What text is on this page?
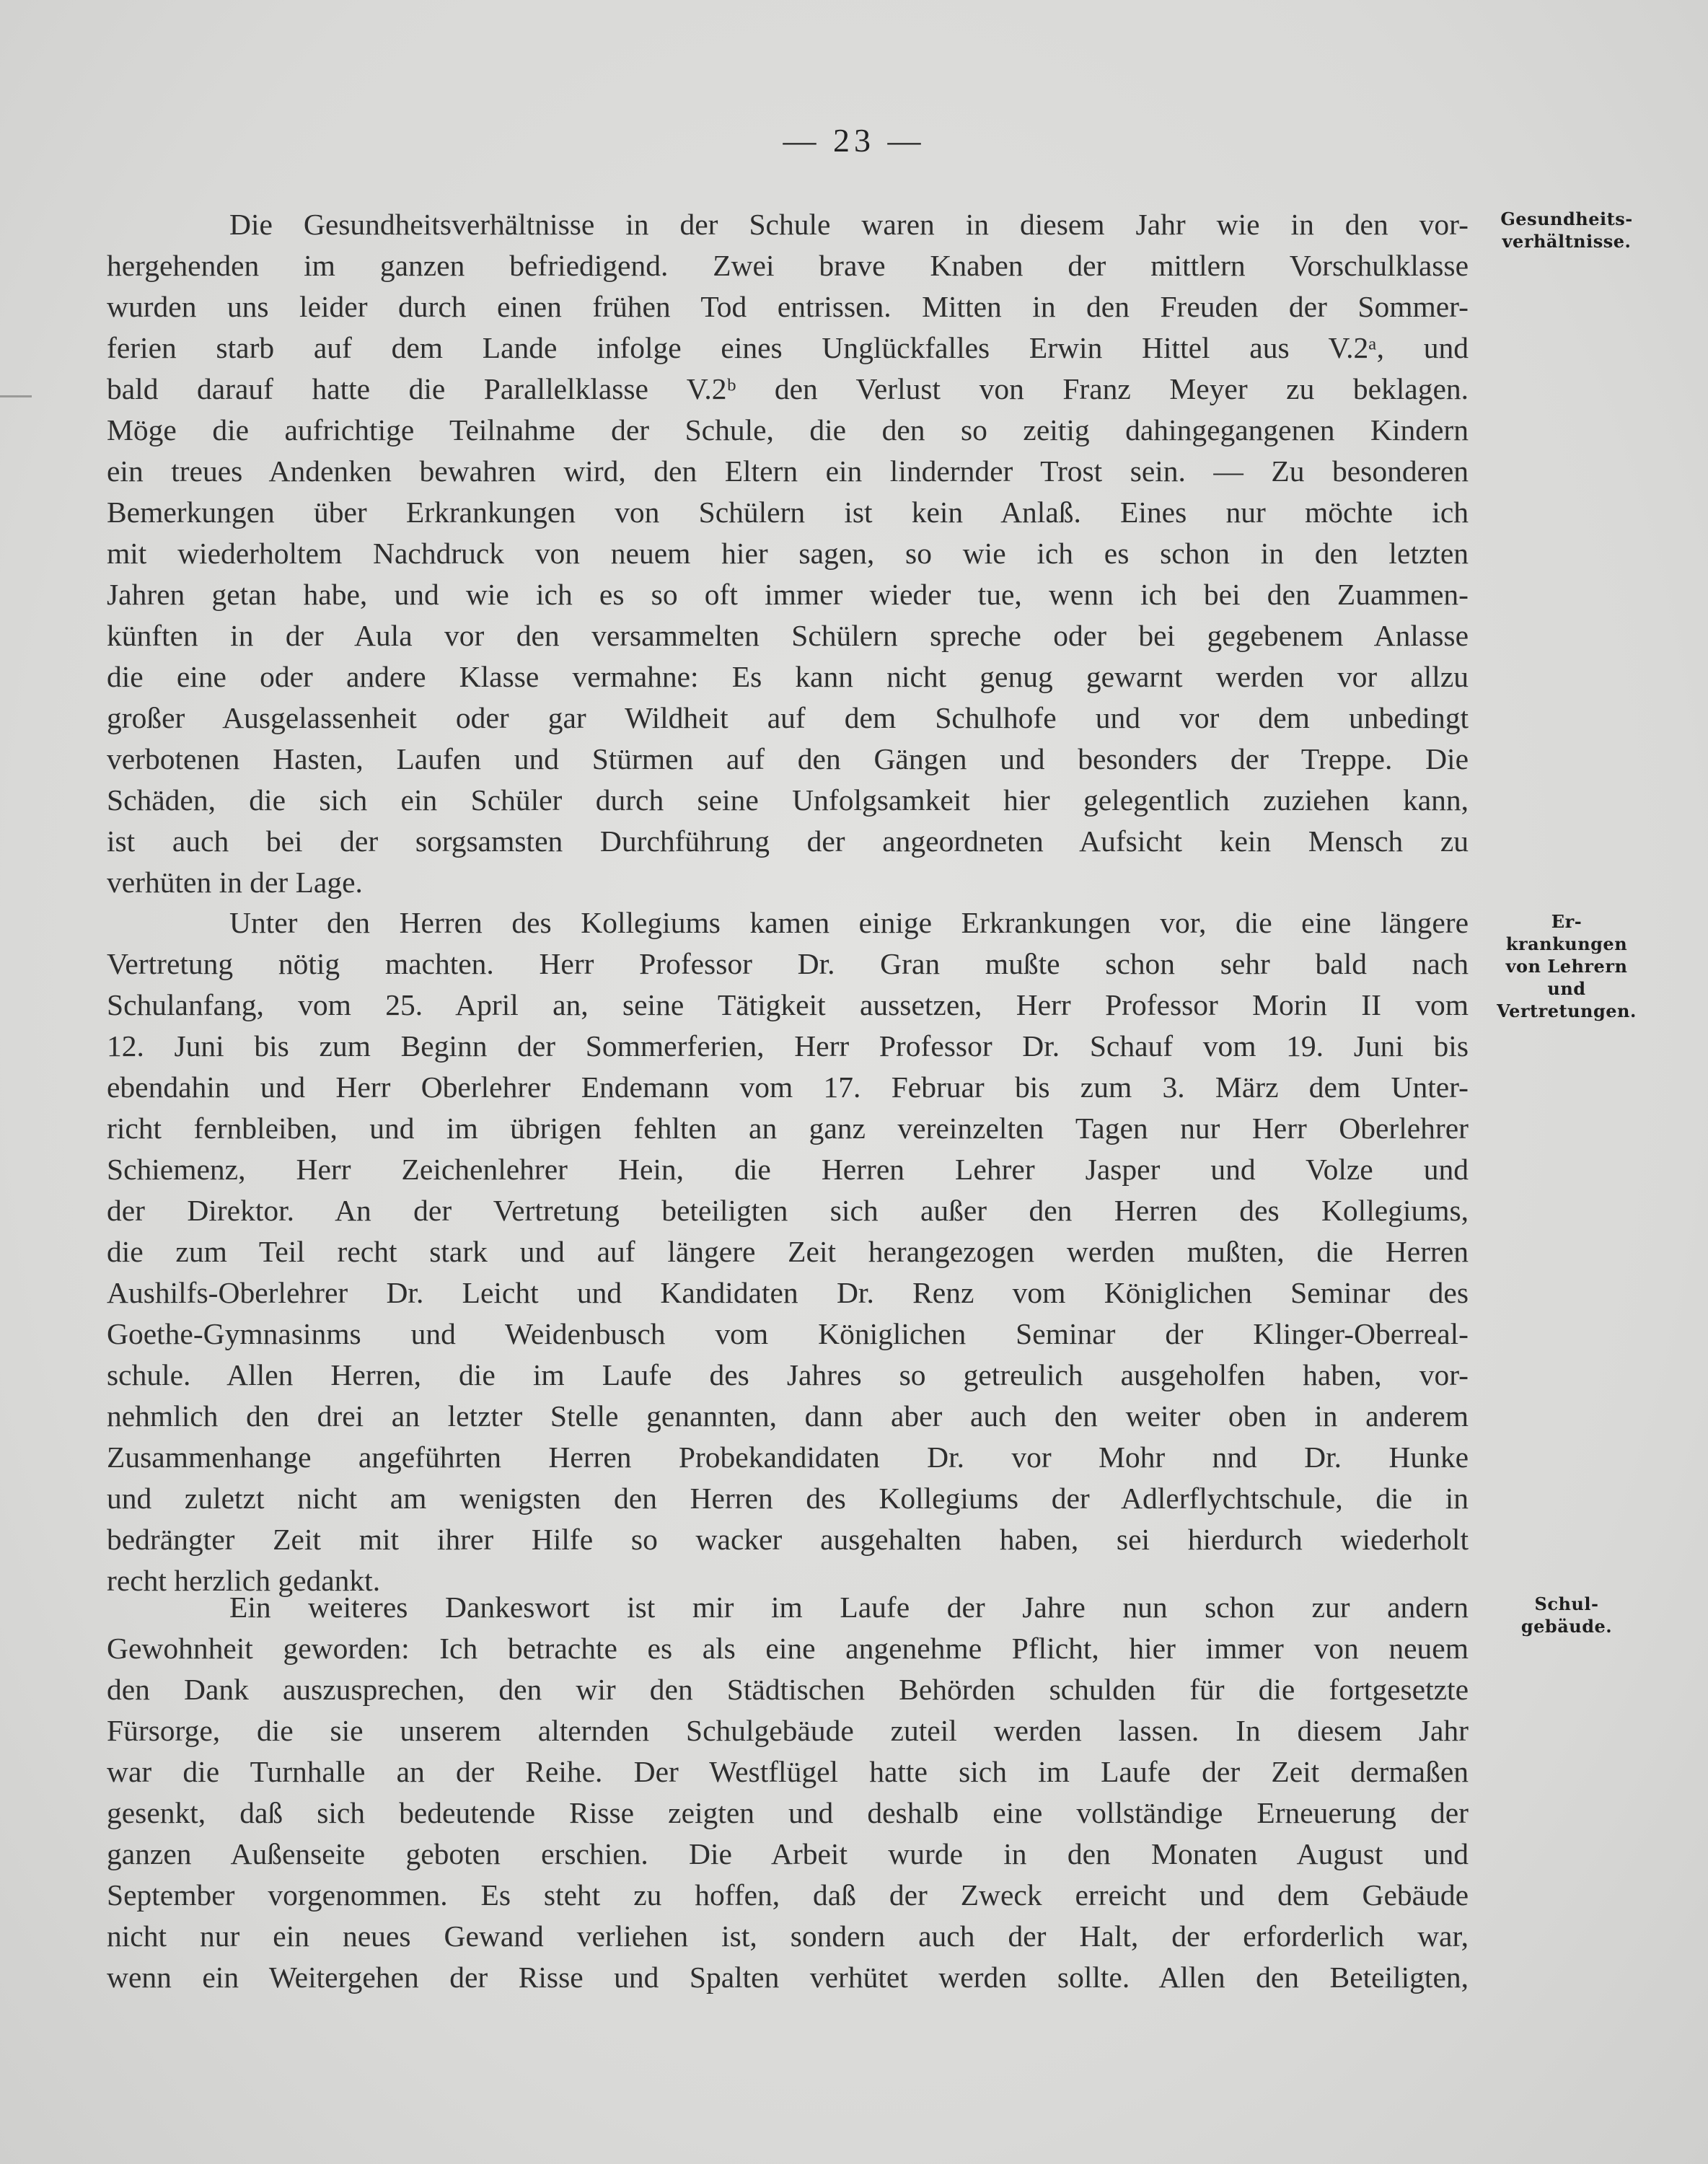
— 23 —
Die Gesundheitsverhältnisse in der Schule waren in diesem Jahr wie in den vor-
hergehenden im ganzen befriedigend. Zwei brave Knaben der mittlern Vorschulklasse
wurden uns leider durch einen frühen Tod entrissen. Mitten in den Freuden der Sommer-
ferien starb auf dem Lande infolge eines Unglückfalles Erwin Hittel aus V.2ᵃ, und
bald darauf hatte die Parallelklasse V.2ᵇ den Verlust von Franz Meyer zu beklagen.
Möge die aufrichtige Teilnahme der Schule, die den so zeitig dahingegangenen Kindern
ein treues Andenken bewahren wird, den Eltern ein lindernder Trost sein. — Zu besonderen
Bemerkungen über Erkrankungen von Schülern ist kein Anlaß. Eines nur möchte ich
mit wiederholtem Nachdruck von neuem hier sagen, so wie ich es schon in den letzten
Jahren getan habe, und wie ich es so oft immer wieder tue, wenn ich bei den Zuammen-
künften in der Aula vor den versammelten Schülern spreche oder bei gegebenem Anlasse
die eine oder andere Klasse vermahne: Es kann nicht genug gewarnt werden vor allzu
großer Ausgelassenheit oder gar Wildheit auf dem Schulhofe und vor dem unbedingt
verbotenen Hasten, Laufen und Stürmen auf den Gängen und besonders der Treppe. Die
Schäden, die sich ein Schüler durch seine Unfolgsamkeit hier gelegentlich zuziehen kann,
ist auch bei der sorgsamsten Durchführung der angeordneten Aufsicht kein Mensch zu
verhüten in der Lage.
Unter den Herren des Kollegiums kamen einige Erkrankungen vor, die eine längere
Vertretung nötig machten. Herr Professor Dr. Gran mußte schon sehr bald nach
Schulanfang, vom 25. April an, seine Tätigkeit aussetzen, Herr Professor Morin II vom
12. Juni bis zum Beginn der Sommerferien, Herr Professor Dr. Schauf vom 19. Juni bis
ebendahin und Herr Oberlehrer Endemann vom 17. Februar bis zum 3. März dem Unter-
richt fernbleiben, und im übrigen fehlten an ganz vereinzelten Tagen nur Herr Oberlehrer
Schiemenz, Herr Zeichenlehrer Hein, die Herren Lehrer Jasper und Volze und
der Direktor. An der Vertretung beteiligten sich außer den Herren des Kollegiums,
die zum Teil recht stark und auf längere Zeit herangezogen werden mußten, die Herren
Aushilfs-Oberlehrer Dr. Leicht und Kandidaten Dr. Renz vom Königlichen Seminar des
Goethe-Gymnasinms und Weidenbusch vom Königlichen Seminar der Klinger-Oberreal-
schule. Allen Herren, die im Laufe des Jahres so getreulich ausgeholfen haben, vor-
nehmlich den drei an letzter Stelle genannten, dann aber auch den weiter oben in anderem
Zusammenhange angeführten Herren Probekandidaten Dr. vor Mohr nnd Dr. Hunke
und zuletzt nicht am wenigsten den Herren des Kollegiums der Adlerflychtschule, die in
bedrängter Zeit mit ihrer Hilfe so wacker ausgehalten haben, sei hierdurch wiederholt
recht herzlich gedankt.
Ein weiteres Dankeswort ist mir im Laufe der Jahre nun schon zur andern
Gewohnheit geworden: Ich betrachte es als eine angenehme Pflicht, hier immer von neuem
den Dank auszusprechen, den wir den Städtischen Behörden schulden für die fortgesetzte
Fürsorge, die sie unserem alternden Schulgebäude zuteil werden lassen. In diesem Jahr
war die Turnhalle an der Reihe. Der Westflügel hatte sich im Laufe der Zeit dermaßen
gesenkt, daß sich bedeutende Risse zeigten und deshalb eine vollständige Erneuerung der
ganzen Außenseite geboten erschien. Die Arbeit wurde in den Monaten August und
September vorgenommen. Es steht zu hoffen, daß der Zweck erreicht und dem Gebäude
nicht nur ein neues Gewand verliehen ist, sondern auch der Halt, der erforderlich war,
wenn ein Weitergehen der Risse und Spalten verhütet werden sollte. Allen den Beteiligten,
Gesundheits-
verhältnisse.
Er-
krankungen
von Lehrern
und
Vertretungen.
Schul-
gebäude.
